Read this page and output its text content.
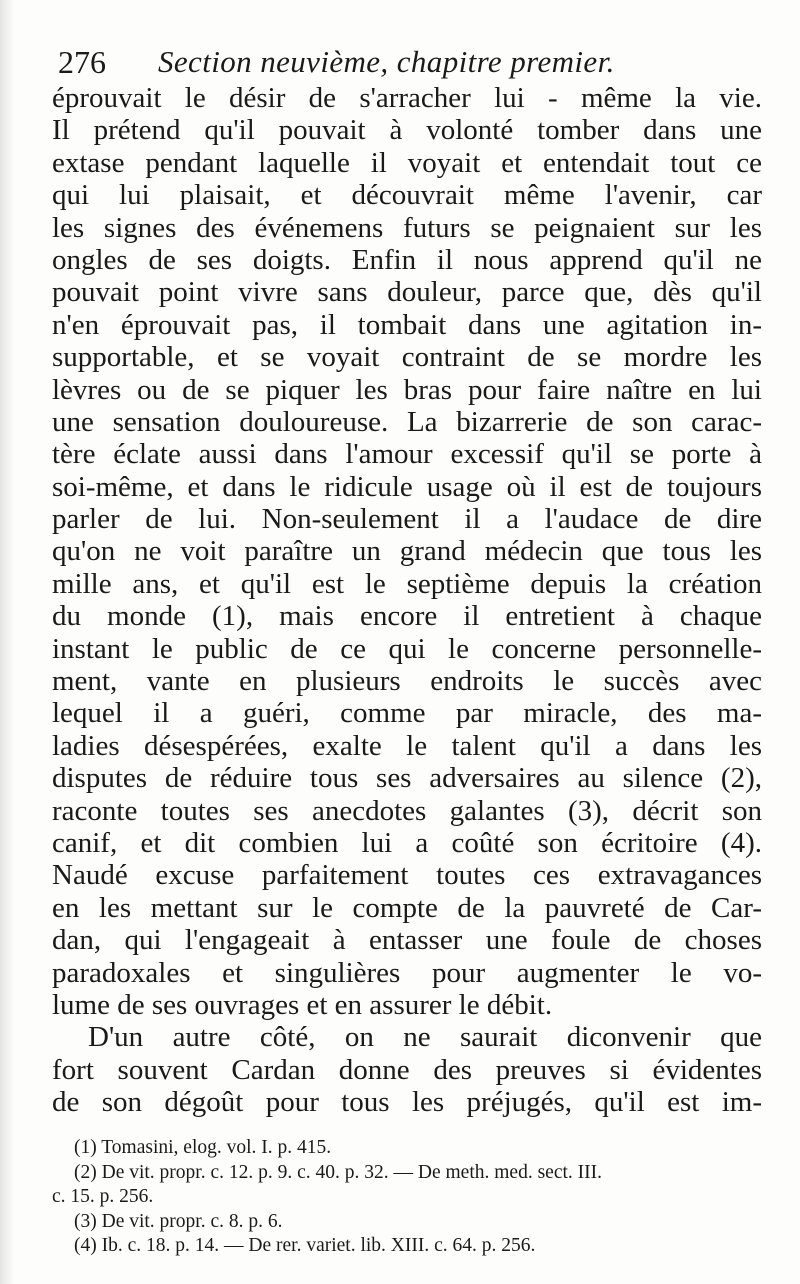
276 Section neuvième, chapitre premier.
éprouvait le désir de s'arracher lui - même la vie.
Il prétend qu'il pouvait à volonté tomber dans une
extase pendant laquelle il voyait et entendait tout ce
qui lui plaisait, et découvrait même l'avenir, car
les signes des événemens futurs se peignaient sur les
ongles de ses doigts. Enfin il nous apprend qu'il ne
pouvait point vivre sans douleur, parce que, dès qu'il
n'en éprouvait pas, il tombait dans une agitation in-
supportable, et se voyait contraint de se mordre les
lèvres ou de se piquer les bras pour faire naître en lui
une sensation douloureuse. La bizarrerie de son carac-
tère éclate aussi dans l'amour excessif qu'il se porte à
soi-même, et dans le ridicule usage où il est de toujours
parler de lui. Non-seulement il a l'audace de dire
qu'on ne voit paraître un grand médecin que tous les
mille ans, et qu'il est le septième depuis la création
du monde (1), mais encore il entretient à chaque
instant le public de ce qui le concerne personnelle-
ment, vante en plusieurs endroits le succès avec
lequel il a guéri, comme par miracle, des ma-
ladies désespérées, exalte le talent qu'il a dans les
disputes de réduire tous ses adversaires au silence (2),
raconte toutes ses anecdotes galantes (3), décrit son
canif, et dit combien lui a coûté son écritoire (4).
Naudé excuse parfaitement toutes ces extravagances
en les mettant sur le compte de la pauvreté de Car-
dan, qui l'engageait à entasser une foule de choses
paradoxales et singulières pour augmenter le vo-
lume de ses ouvrages et en assurer le débit.
D'un autre côté, on ne saurait diconvenir que
fort souvent Cardan donne des preuves si évidentes
de son dégoût pour tous les préjugés, qu'il est im-
(1) Tomasini, elog. vol. I. p. 415.
(2) De vit. propr. c. 12. p. 9. c. 40. p. 32. — De meth. med. sect. III.
c. 15. p. 256.
(3) De vit. propr. c. 8. p. 6.
(4) Ib. c. 18. p. 14. — De rer. variet. lib. XIII. c. 64. p. 256.
